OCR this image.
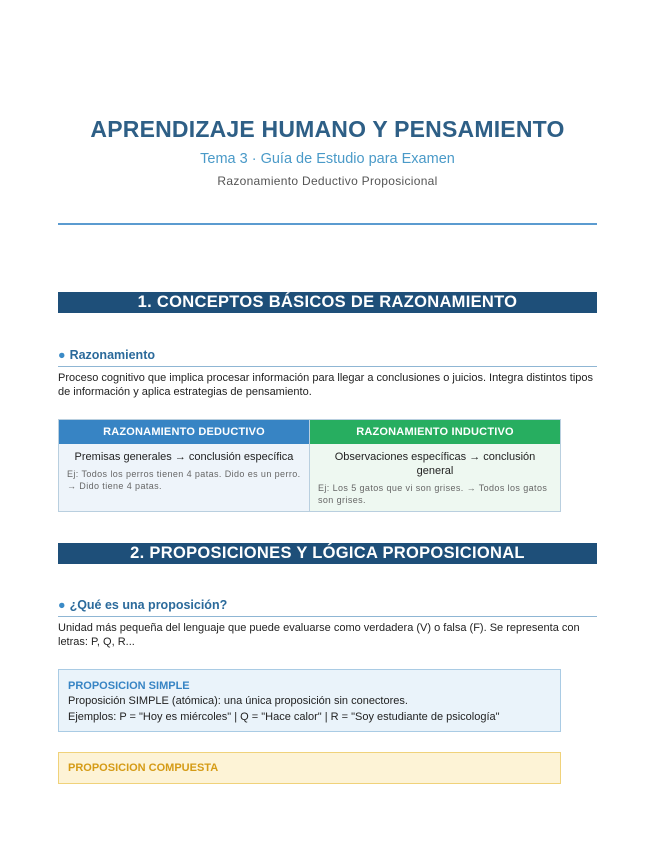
APRENDIZAJE HUMANO Y PENSAMIENTO
Tema 3 · Guía de Estudio para Examen
Razonamiento Deductivo Proposicional
1. CONCEPTOS BÁSICOS DE RAZONAMIENTO
● Razonamiento
Proceso cognitivo que implica procesar información para llegar a conclusiones o juicios. Integra distintos tipos de información y aplica estrategias de pensamiento.
RAZONAMIENTO DEDUCTIVO
Premisas generales → conclusión específica
Ej: Todos los perros tienen 4 patas. Dido es un perro. → Dido tiene 4 patas.
RAZONAMIENTO INDUCTIVO
Observaciones específicas → conclusión general
Ej: Los 5 gatos que vi son grises. → Todos los gatos son grises.
2. PROPOSICIONES Y LÓGICA PROPOSICIONAL
● ¿Qué es una proposición?
Unidad más pequeña del lenguaje que puede evaluarse como verdadera (V) o falsa (F). Se representa con letras: P, Q, R...
PROPOSICION SIMPLE
Proposición SIMPLE (atómica): una única proposición sin conectores.
Ejemplos: P = "Hoy es miércoles" | Q = "Hace calor" | R = "Soy estudiante de psicología"
PROPOSICION COMPUESTA
